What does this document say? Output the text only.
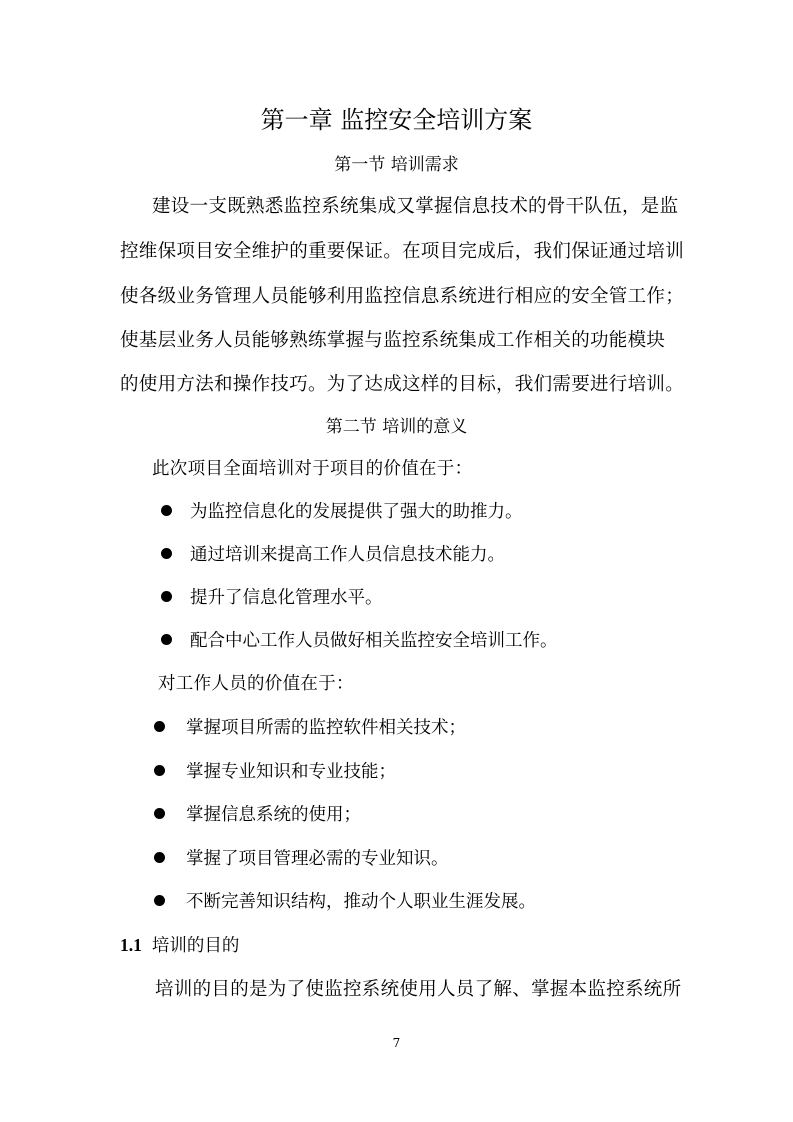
第一章 监控安全培训方案
第一节 培训需求
建设一支既熟悉监控系统集成又掌握信息技术的骨干队伍，是监
控维保项目安全维护的重要保证。在项目完成后，我们保证通过培训
使各级业务管理人员能够利用监控信息系统进行相应的安全管工作；
使基层业务人员能够熟练掌握与监控系统集成工作相关的功能模块
的使用方法和操作技巧。为了达成这样的目标，我们需要进行培训。
第二节 培训的意义
此次项目全面培训对于项目的价值在于：
为监控信息化的发展提供了强大的助推力。
通过培训来提高工作人员信息技术能力。
提升了信息化管理水平。
配合中心工作人员做好相关监控安全培训工作。
对工作人员的价值在于：
掌握项目所需的监控软件相关技术；
掌握专业知识和专业技能；
掌握信息系统的使用；
掌握了项目管理必需的专业知识。
不断完善知识结构，推动个人职业生涯发展。
1.1 培训的目的
培训的目的是为了使监控系统使用人员了解、掌握本监控系统所
7
